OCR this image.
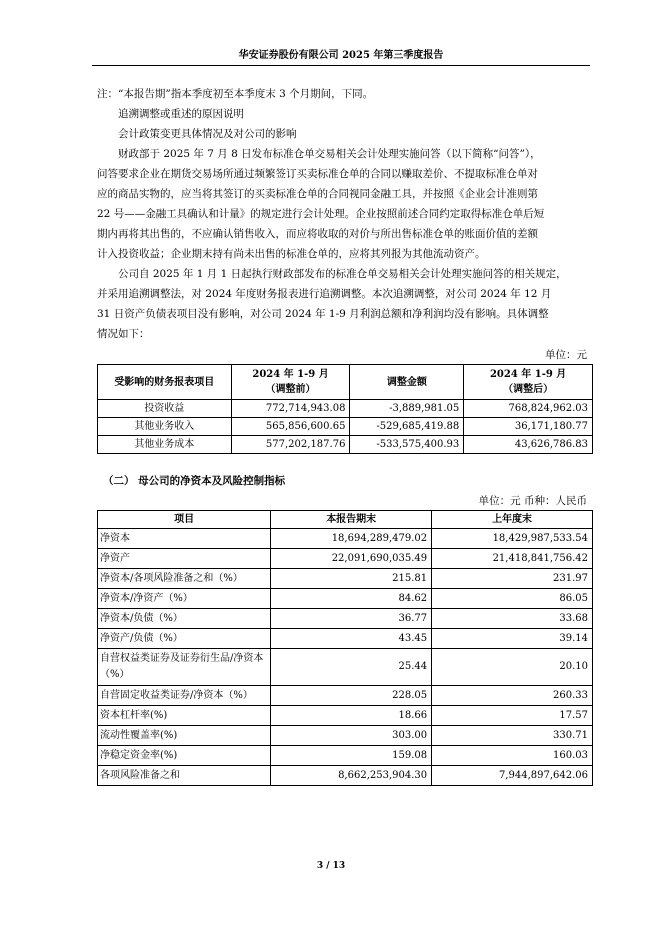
华安证券股份有限公司 2025 年第三季度报告

注：“本报告期”指本季度初至本季度末 3 个月期间，下同。

追溯调整或重述的原因说明

会计政策变更具体情况及对公司的影响

财政部于 2025 年 7 月 8 日发布标准仓单交易相关会计处理实施问答（以下简称“问答”），

问答要求企业在期货交易场所通过频繁签订买卖标准仓单的合同以赚取差价、不提取标准仓单对

应的商品实物的，应当将其签订的买卖标准仓单的合同视同金融工具，并按照《企业会计准则第

22 号——金融工具确认和计量》的规定进行会计处理。企业按照前述合同约定取得标准仓单后短

期内再将其出售的，不应确认销售收入，而应将收取的对价与所出售标准仓单的账面价值的差额

计入投资收益；企业期末持有尚未出售的标准仓单的，应将其列报为其他流动资产。

公司自 2025 年 1 月 1 日起执行财政部发布的标准仓单交易相关会计处理实施问答的相关规定，

并采用追溯调整法，对 2024 年度财务报表进行追溯调整。本次追溯调整，对公司 2024 年 12 月

31 日资产负债表项目没有影响，对公司 2024 年 1-9 月利润总额和净利润均没有影响。具体调整

情况如下：

单位：元

受影响的财务报表项目	2024 年 1-9 月
（调整前）	调整金额	2024 年 1-9 月
（调整后）
投资收益	772,714,943.08	-3,889,981.05	768,824,962.03
其他业务收入	565,856,600.65	-529,685,419.88	36,171,180.77
其他业务成本	577,202,187.76	-533,575,400.93	43,626,786.83

（二） 母公司的净资本及风险控制指标

单位：元 币种：人民币

项目	本报告期末	上年度末
净资本	18,694,289,479.02	18,429,987,533.54
净资产	22,091,690,035.49	21,418,841,756.42
净资本/各项风险准备之和（%）	215.81	231.97
净资本/净资产（%）	84.62	86.05
净资本/负债（%）	36.77	33.68
净资产/负债（%）	43.45	39.14
自营权益类证券及证券衍生品/净资本（%）	25.44	20.10
自营固定收益类证券/净资本（%）	228.05	260.33
资本杠杆率(%)	18.66	17.57
流动性覆盖率(%)	303.00	330.71
净稳定资金率(%)	159.08	160.03
各项风险准备之和	8,662,253,904.30	7,944,897,642.06
3 / 13
